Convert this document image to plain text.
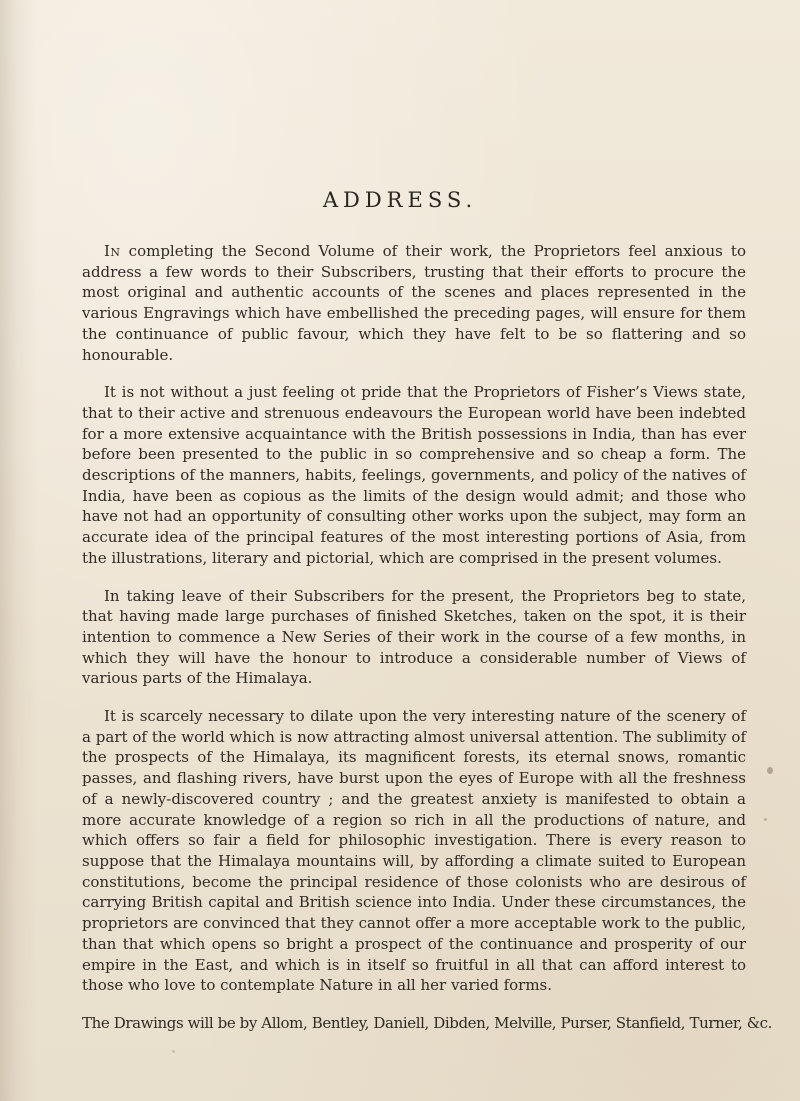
ADDRESS.

In completing the Second Volume of their work, the Proprietors feel anxious to address a few words to their Subscribers, trusting that their efforts to procure the most original and authentic accounts of the scenes and places represented in the various Engravings which have embellished the preceding pages, will ensure for them the continuance of public favour, which they have felt to be so flattering and so honourable.

It is not without a just feeling ot pride that the Proprietors of Fisher’s Views state, that to their active and strenuous endeavours the European world have been indebted for a more extensive acquaintance with the British possessions in India, than has ever before been presented to the public in so comprehensive and so cheap a form. The descriptions of the manners, habits, feelings, governments, and policy of the natives of India, have been as copious as the limits of the design would admit; and those who have not had an opportunity of consulting other works upon the subject, may form an accurate idea of the principal features of the most interesting portions of Asia, from the illustrations, literary and pictorial, which are comprised in the present volumes.

In taking leave of their Subscribers for the present, the Proprietors beg to state, that having made large purchases of finished Sketches, taken on the spot, it is their intention to commence a New Series of their work in the course of a few months, in which they will have the honour to introduce a considerable number of Views of various parts of the Himalaya.

It is scarcely necessary to dilate upon the very interesting nature of the scenery of a part of the world which is now attracting almost universal attention. The sublimity of the prospects of the Himalaya, its magnificent forests, its eternal snows, romantic passes, and flashing rivers, have burst upon the eyes of Europe with all the freshness of a newly-discovered country ; and the greatest anxiety is manifested to obtain a more accurate knowledge of a region so rich in all the productions of nature, and which offers so fair a field for philosophic investigation. There is every reason to suppose that the Himalaya mountains will, by affording a climate suited to European constitutions, become the principal residence of those colonists who are desirous of carrying British capital and British science into India. Under these circumstances, the proprietors are convinced that they cannot offer a more acceptable work to the public, than that which opens so bright a prospect of the continuance and prosperity of our empire in the East, and which is in itself so fruitful in all that can afford interest to those who love to contemplate Nature in all her varied forms.

The Drawings will be by Allom, Bentley, Daniell, Dibden, Melville, Purser, Stanfield, Turner, &c.
